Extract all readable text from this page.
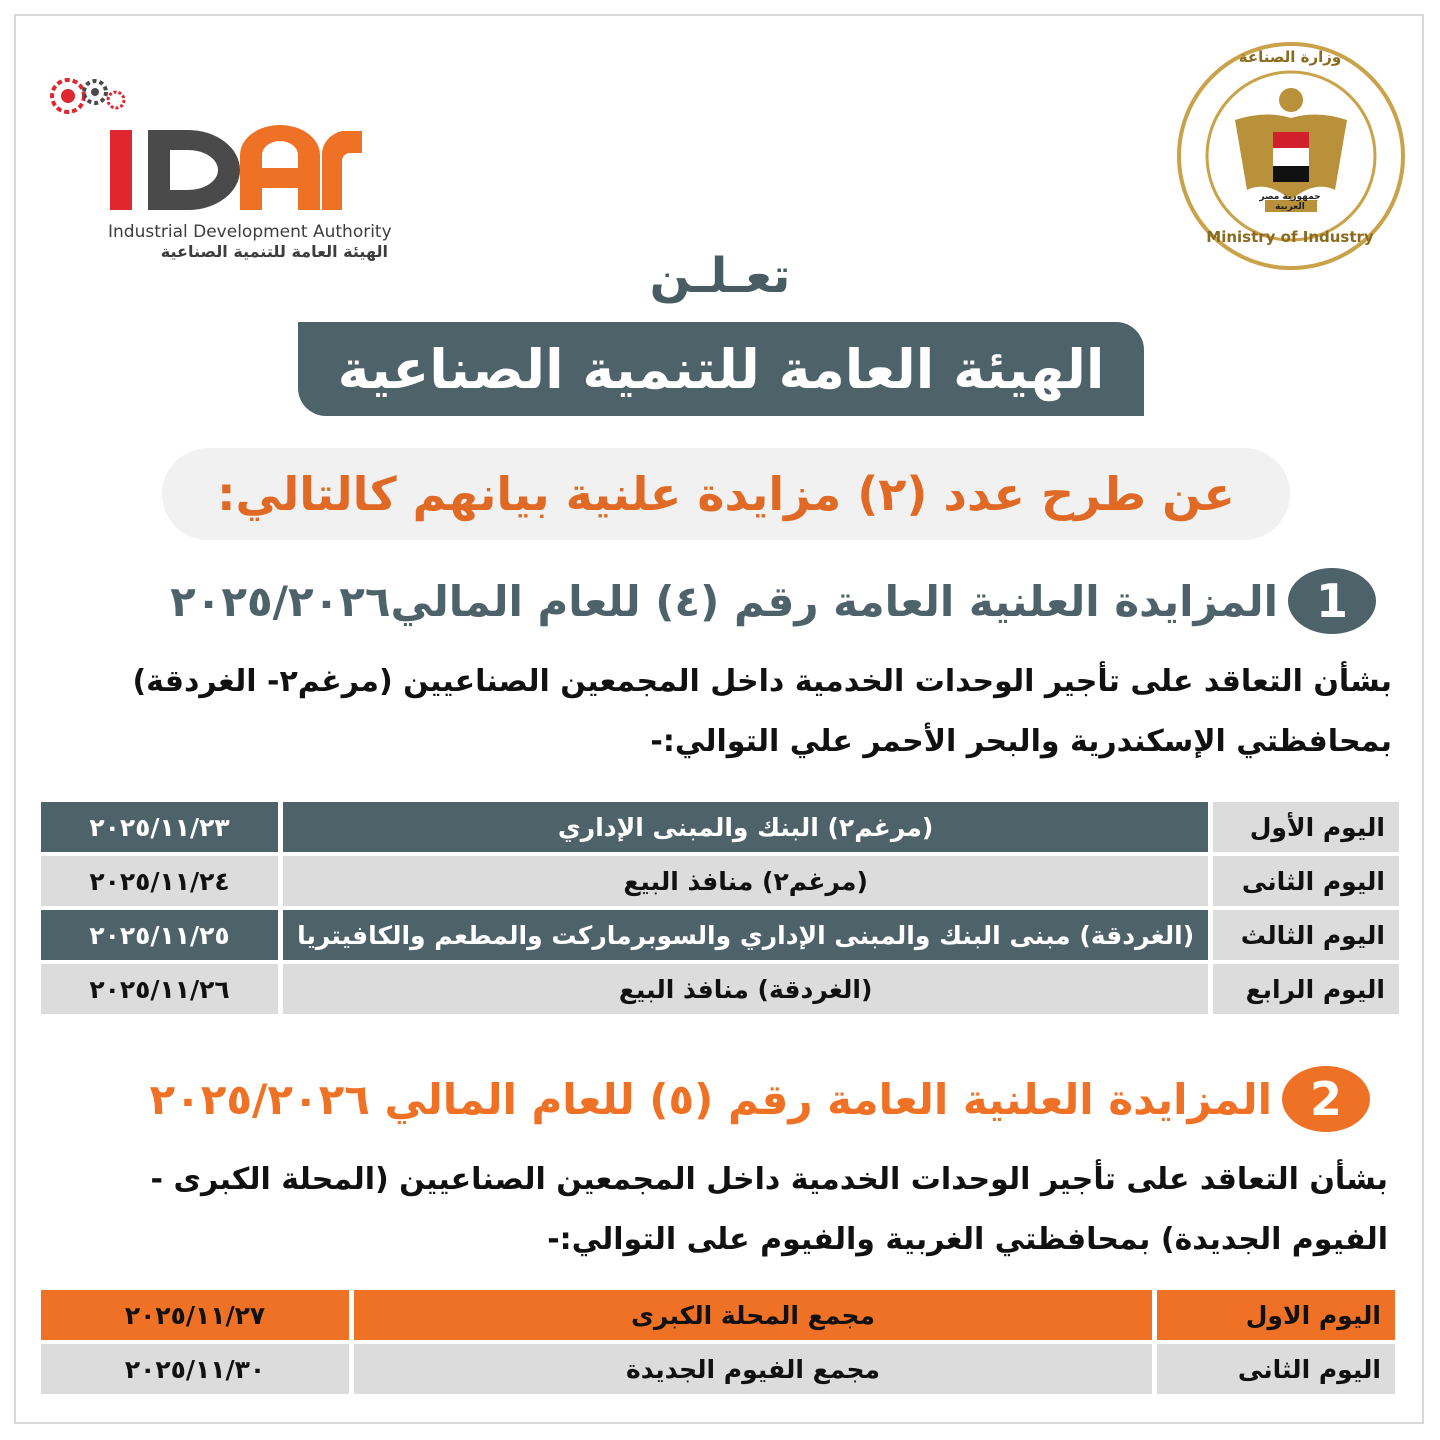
Industrial Development Authority
الهيئة العامة للتنمية الصناعية
وزارة الصناعة
جمهورية مصر العربية
Ministry of Industry
تعـلـن
الهيئة العامة للتنمية الصناعية
عن طرح عدد (٢) مزايدة علنية بيانهم كالتالي:
1
المزايدة العلنية العامة رقم (٤) للعام المالي٢٠٢٥/٢٠٢٦
بشأن التعاقد على تأجير الوحدات الخدمية داخل المجمعين الصناعيين (مرغم٢- الغردقة)
بمحافظتي الإسكندرية والبحر الأحمر علي التوالي:-
اليوم الأول	(مرغم٢) البنك والمبنى الإداري	٢٠٢٥/١١/٢٣
اليوم الثانى	(مرغم٢) منافذ البيع	٢٠٢٥/١١/٢٤
اليوم الثالث	(الغردقة) مبنى البنك والمبنى الإداري والسوبرماركت والمطعم والكافيتريا	٢٠٢٥/١١/٢٥
اليوم الرابع	(الغردقة) منافذ البيع	٢٠٢٥/١١/٢٦
2
المزايدة العلنية العامة رقم (٥) للعام المالي ٢٠٢٥/٢٠٢٦
بشأن التعاقد على تأجير الوحدات الخدمية داخل المجمعين الصناعيين (المحلة الكبرى -
الفيوم الجديدة) بمحافظتي الغربية والفيوم على التوالي:-
اليوم الاول	مجمع المحلة الكبرى	٢٠٢٥/١١/٢٧
اليوم الثانى	مجمع الفيوم الجديدة	٢٠٢٥/١١/٣٠
